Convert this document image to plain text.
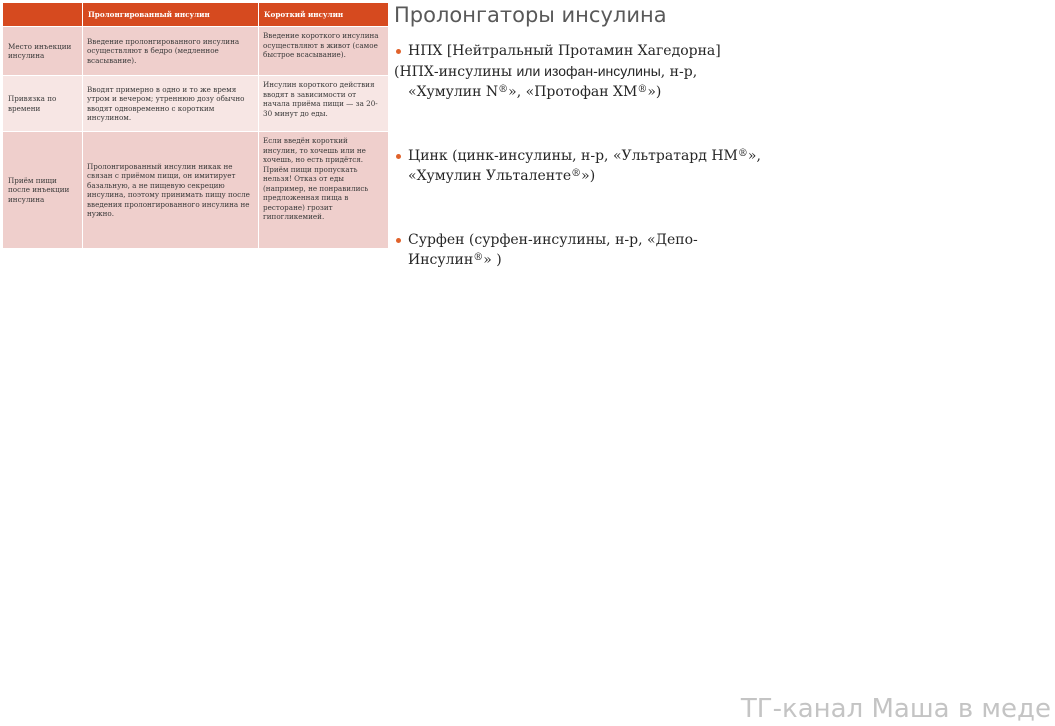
	Пролонгированный инсулин	Короткий инсулин
Место инъекции инсулина	Введение пролонгированного инсулина осуществляют в бедро (медленное всасывание).	Введение короткого инсулина осуществляют в живот (самое быстрое всасывание).
Привязка по времени	Вводят примерно в одно и то же время утром и вечером; утреннюю дозу обычно вводят одновременно с коротким инсулином.	Инсулин короткого действия вводят в зависимости от начала приёма пищи — за 20-30 минут до еды.
Приём пищи после инъекции инсулина	Пролонгированный инсулин никак не связан с приёмом пищи, он имитирует базальную, а не пищевую секрецию инсулина, поэтому принимать пищу после введения пролонгированного инсулина не нужно.	Если введён короткий инсулин, то хочешь или не хочешь, но есть придётся. Приём пищи пропускать нельзя! Отказ от еды (например, не понравились предложенная пища в ресторане) грозит гипогликемией.
Пролонгаторы инсулина
НПХ [Нейтральный Протамин Хагедорна]
(НПХ-инсулины или изофан-инсулины, н-р,
«Хумулин N®», «Протофан ХМ®»)
Цинк (цинк-инсулины, н-р, «Ультратард НМ®»,
«Хумулин Ульталенте®»)
Сурфен (сурфен-инсулины, н-р, «Депо-
Инсулин®» )
ТГ-канал Маша в меде
